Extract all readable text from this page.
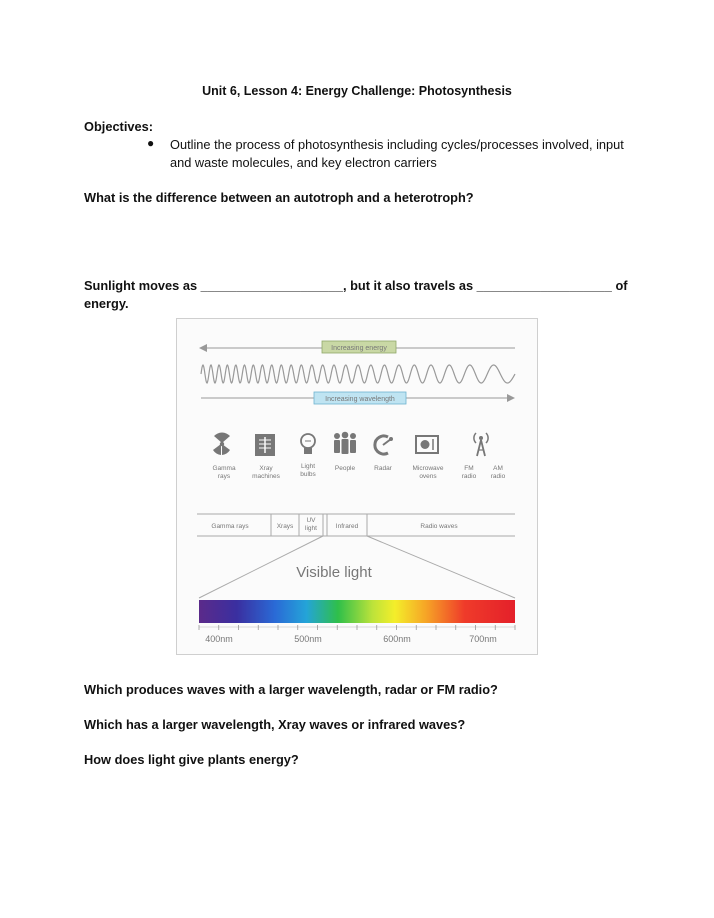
Unit 6, Lesson 4: Energy Challenge: Photosynthesis
Objectives:
● Outline the process of photosynthesis including cycles/processes involved, input and waste molecules, and key electron carriers
What is the difference between an autotroph and a heterotroph?
Sunlight moves as ____________________, but it also travels as ___________________ of
energy.
Increasing energy
Increasing wavelength
Gamma
rays
Xray
machines
Light
bulbs
People	Radar	Microwave
ovens
FM
radio
AM
radio
Gamma rays	Xrays
UV
light	Infrared	Radio waves
Visible light
400nm	500nm	600nm	700nm
Which produces waves with a larger wavelength, radar or FM radio?
Which has a larger wavelength, Xray waves or infrared waves?
How does light give plants energy?
